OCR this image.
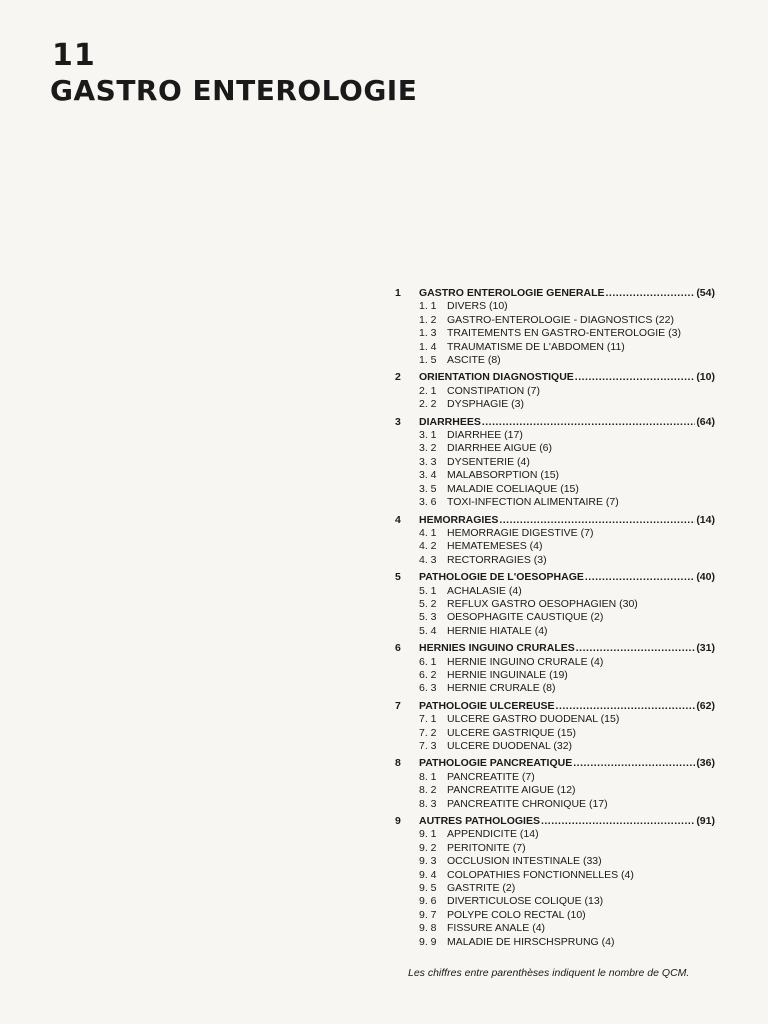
11
GASTRO ENTEROLOGIE
1	GASTRO ENTEROLOGIE GENERALE .....	(54)
1. 1 DIVERS (10)
1. 2 GASTRO-ENTEROLOGIE - DIAGNOSTICS (22)
1. 3 TRAITEMENTS EN GASTRO-ENTEROLOGIE (3)
1. 4 TRAUMATISME DE L'ABDOMEN (11)
1. 5 ASCITE (8)
2	ORIENTATION DIAGNOSTIQUE .....	(10)
2. 1 CONSTIPATION (7)
2. 2 DYSPHAGIE (3)
3	DIARRHEES .....	(64)
3. 1 DIARRHEE (17)
3. 2 DIARRHEE AIGUE (6)
3. 3 DYSENTERIE (4)
3. 4 MALABSORPTION (15)
3. 5 MALADIE COELIAQUE (15)
3. 6 TOXI-INFECTION ALIMENTAIRE (7)
4	HEMORRAGIES .....	(14)
4. 1 HEMORRAGIE DIGESTIVE (7)
4. 2 HEMATEMESES (4)
4. 3 RECTORRAGIES (3)
5	PATHOLOGIE DE L'OESOPHAGE .....	(40)
5. 1 ACHALASIE (4)
5. 2 REFLUX GASTRO OESOPHAGIEN (30)
5. 3 OESOPHAGITE CAUSTIQUE (2)
5. 4 HERNIE HIATALE (4)
6	HERNIES INGUINO CRURALES .....	(31)
6. 1 HERNIE INGUINO CRURALE (4)
6. 2 HERNIE INGUINALE (19)
6. 3 HERNIE CRURALE (8)
7	PATHOLOGIE ULCEREUSE .....	(62)
7. 1 ULCERE GASTRO DUODENAL (15)
7. 2 ULCERE GASTRIQUE (15)
7. 3 ULCERE DUODENAL (32)
8	PATHOLOGIE PANCREATIQUE .....	(36)
8. 1 PANCREATITE (7)
8. 2 PANCREATITE AIGUE (12)
8. 3 PANCREATITE CHRONIQUE (17)
9	AUTRES PATHOLOGIES .....	(91)
9. 1 APPENDICITE (14)
9. 2 PERITONITE (7)
9. 3 OCCLUSION INTESTINALE (33)
9. 4 COLOPATHIES FONCTIONNELLES (4)
9. 5 GASTRITE (2)
9. 6 DIVERTICULOSE COLIQUE (13)
9. 7 POLYPE COLO RECTAL (10)
9. 8 FISSURE ANALE (4)
9. 9 MALADIE DE HIRSCHSPRUNG (4)
Les chiffres entre parenthèses indiquent le nombre de QCM.
